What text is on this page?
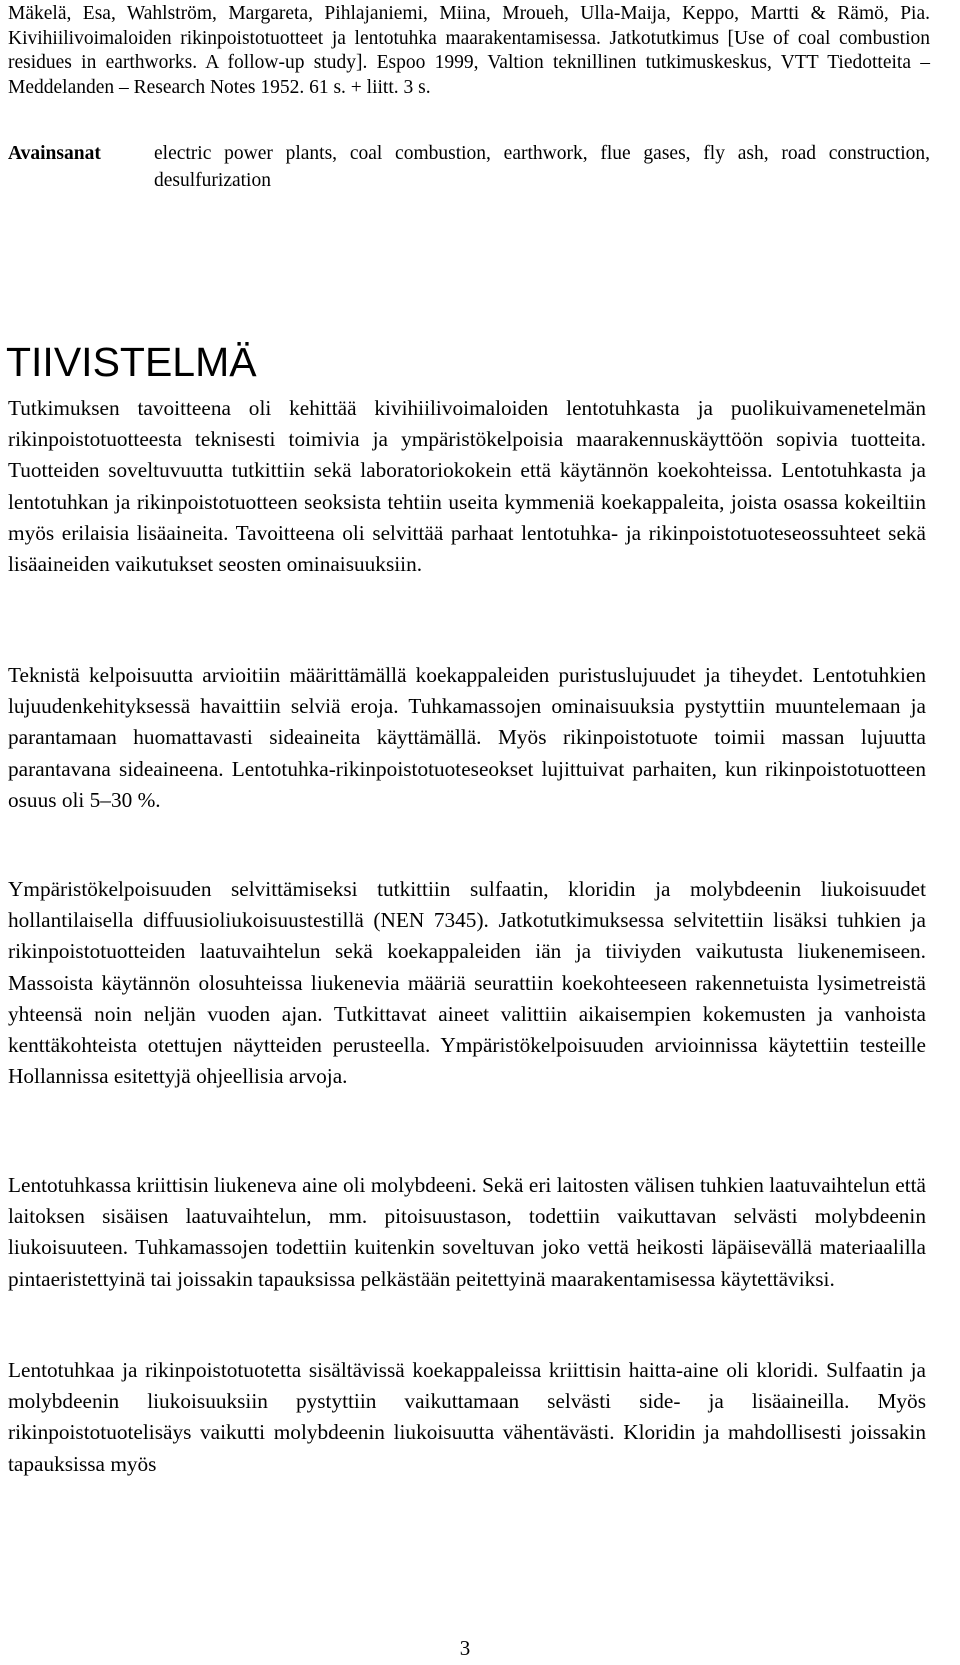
Mäkelä, Esa, Wahlström, Margareta, Pihlajaniemi, Miina, Mroueh, Ulla-Maija, Keppo, Martti & Rämö, Pia. Kivihiilivoimaloiden rikinpoistotuotteet ja lentotuhka maarakentamisessa. Jatkotutkimus [Use of coal combustion residues in earthworks. A follow-up study]. Espoo 1999, Valtion teknillinen tutkimuskeskus, VTT Tiedotteita – Meddelanden – Research Notes 1952. 61 s. + liitt. 3 s.
Avainsanat	electric power plants, coal combustion, earthwork, flue gases, fly ash, road construction, desulfurization
TIIVISTELMÄ

Tutkimuksen tavoitteena oli kehittää kivihiilivoimaloiden lentotuhkasta ja puolikuivamenetelmän rikinpoistotuotteesta teknisesti toimivia ja ympäristökelpoisia maarakennuskäyttöön sopivia tuotteita. Tuotteiden soveltuvuutta tutkittiin sekä laboratoriokokein että käytännön koekohteissa. Lentotuhkasta ja lentotuhkan ja rikinpoistotuotteen seoksista tehtiin useita kymmeniä koekappaleita, joista osassa kokeiltiin myös erilaisia lisäaineita. Tavoitteena oli selvittää parhaat lentotuhka- ja rikinpoistotuoteseossuhteet sekä lisäaineiden vaikutukset seosten ominaisuuksiin.

Teknistä kelpoisuutta arvioitiin määrittämällä koekappaleiden puristuslujuudet ja tiheydet. Lentotuhkien lujuudenkehityksessä havaittiin selviä eroja. Tuhkamassojen ominaisuuksia pystyttiin muuntelemaan ja parantamaan huomattavasti sideaineita käyttämällä. Myös rikinpoistotuote toimii massan lujuutta parantavana sideaineena. Lentotuhka-rikinpoistotuoteseokset lujittuivat parhaiten, kun rikinpoistotuotteen osuus oli 5–30 %.

Ympäristökelpoisuuden selvittämiseksi tutkittiin sulfaatin, kloridin ja molybdeenin liukoisuudet hollantilaisella diffuusioliukoisuustestillä (NEN 7345). Jatkotutkimuksessa selvitettiin lisäksi tuhkien ja rikinpoistotuotteiden laatuvaihtelun sekä koekappaleiden iän ja tiiviyden vaikutusta liukenemiseen. Massoista käytännön olosuhteissa liukenevia määriä seurattiin koekohteeseen rakennetuista lysimetreistä yhteensä noin neljän vuoden ajan. Tutkittavat aineet valittiin aikaisempien kokemusten ja vanhoista kenttäkohteista otettujen näytteiden perusteella. Ympäristökelpoisuuden arvioinnissa käytettiin testeille Hollannissa esitettyjä ohjeellisia arvoja.

Lentotuhkassa kriittisin liukeneva aine oli molybdeeni. Sekä eri laitosten välisen tuhkien laatuvaihtelun että laitoksen sisäisen laatuvaihtelun, mm. pitoisuustason, todettiin vaikuttavan selvästi molybdeenin liukoisuuteen. Tuhkamassojen todettiin kuitenkin soveltuvan joko vettä heikosti läpäisevällä materiaalilla pintaeristettyinä tai joissakin tapauksissa pelkästään peitettyinä maarakentamisessa käytettäviksi.

Lentotuhkaa ja rikinpoistotuotetta sisältävissä koekappaleissa kriittisin haitta-aine oli kloridi. Sulfaatin ja molybdeenin liukoisuuksiin pystyttiin vaikuttamaan selvästi side- ja lisäaineilla. Myös rikinpoistotuotelisäys vaikutti molybdeenin liukoisuutta vähentävästi. Kloridin ja mahdollisesti joissakin tapauksissa myös

3
